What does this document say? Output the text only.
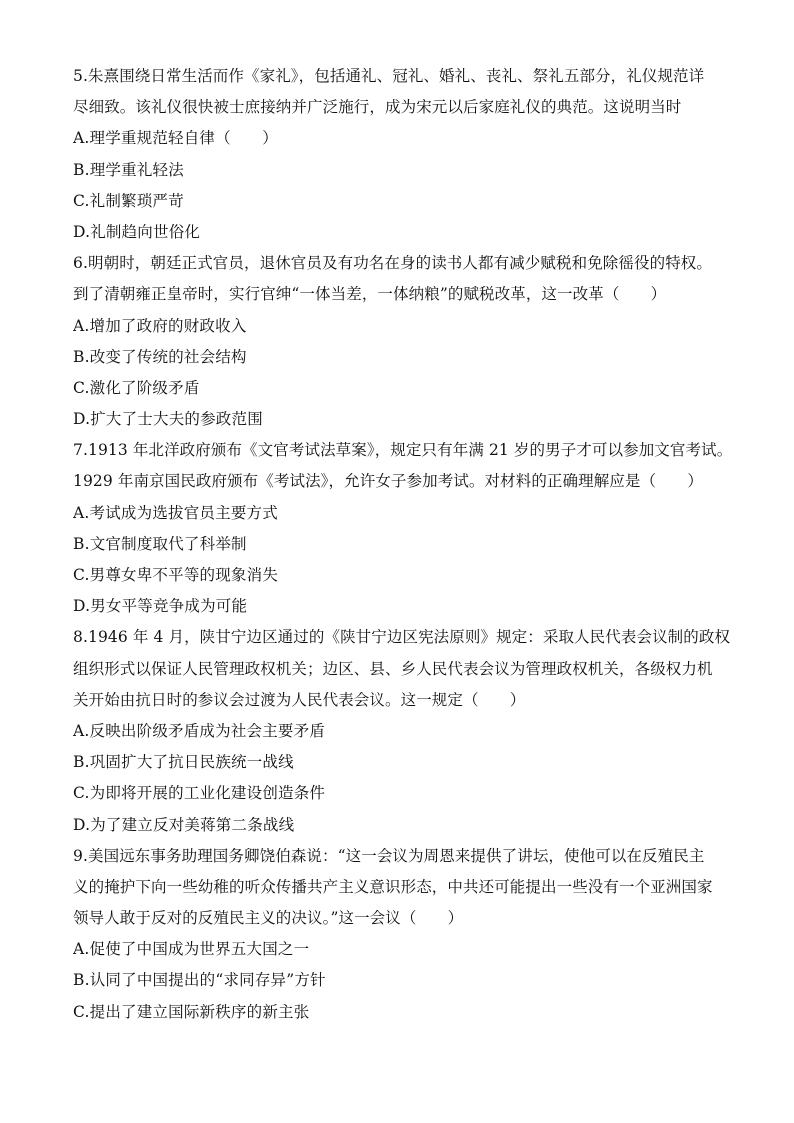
5.朱熹围绕日常生活而作《家礼》，包括通礼、冠礼、婚礼、丧礼、祭礼五部分，礼仪规范详
尽细致。该礼仪很快被士庶接纳并广泛施行，成为宋元以后家庭礼仪的典范。这说明当时
A.理学重规范轻自律（　　）
B.理学重礼轻法
C.礼制繁琐严苛
D.礼制趋向世俗化
6.明朝时，朝廷正式官员，退休官员及有功名在身的读书人都有减少赋税和免除徭役的特权。
到了清朝雍正皇帝时，实行官绅“一体当差，一体纳粮”的赋税改革，这一改革（　　）
A.增加了政府的财政收入
B.改变了传统的社会结构
C.激化了阶级矛盾
D.扩大了士大夫的参政范围
7.1913 年北洋政府颁布《文官考试法草案》，规定只有年满 21 岁的男子才可以参加文官考试。
1929 年南京国民政府颁布《考试法》，允许女子参加考试。对材料的正确理解应是（　　）
A.考试成为选拔官员主要方式
B.文官制度取代了科举制
C.男尊女卑不平等的现象消失
D.男女平等竞争成为可能
8.1946 年 4 月，陕甘宁边区通过的《陕甘宁边区宪法原则》规定：采取人民代表会议制的政权
组织形式以保证人民管理政权机关；边区、县、乡人民代表会议为管理政权机关，各级权力机
关开始由抗日时的参议会过渡为人民代表会议。这一规定（　　）
A.反映出阶级矛盾成为社会主要矛盾
B.巩固扩大了抗日民族统一战线
C.为即将开展的工业化建设创造条件
D.为了建立反对美蒋第二条战线
9.美国远东事务助理国务卿饶伯森说：“这一会议为周恩来提供了讲坛，使他可以在反殖民主
义的掩护下向一些幼稚的听众传播共产主义意识形态，中共还可能提出一些没有一个亚洲国家
领导人敢于反对的反殖民主义的决议。”这一会议（　　）
A.促使了中国成为世界五大国之一
B.认同了中国提出的“求同存异”方针
C.提出了建立国际新秩序的新主张
